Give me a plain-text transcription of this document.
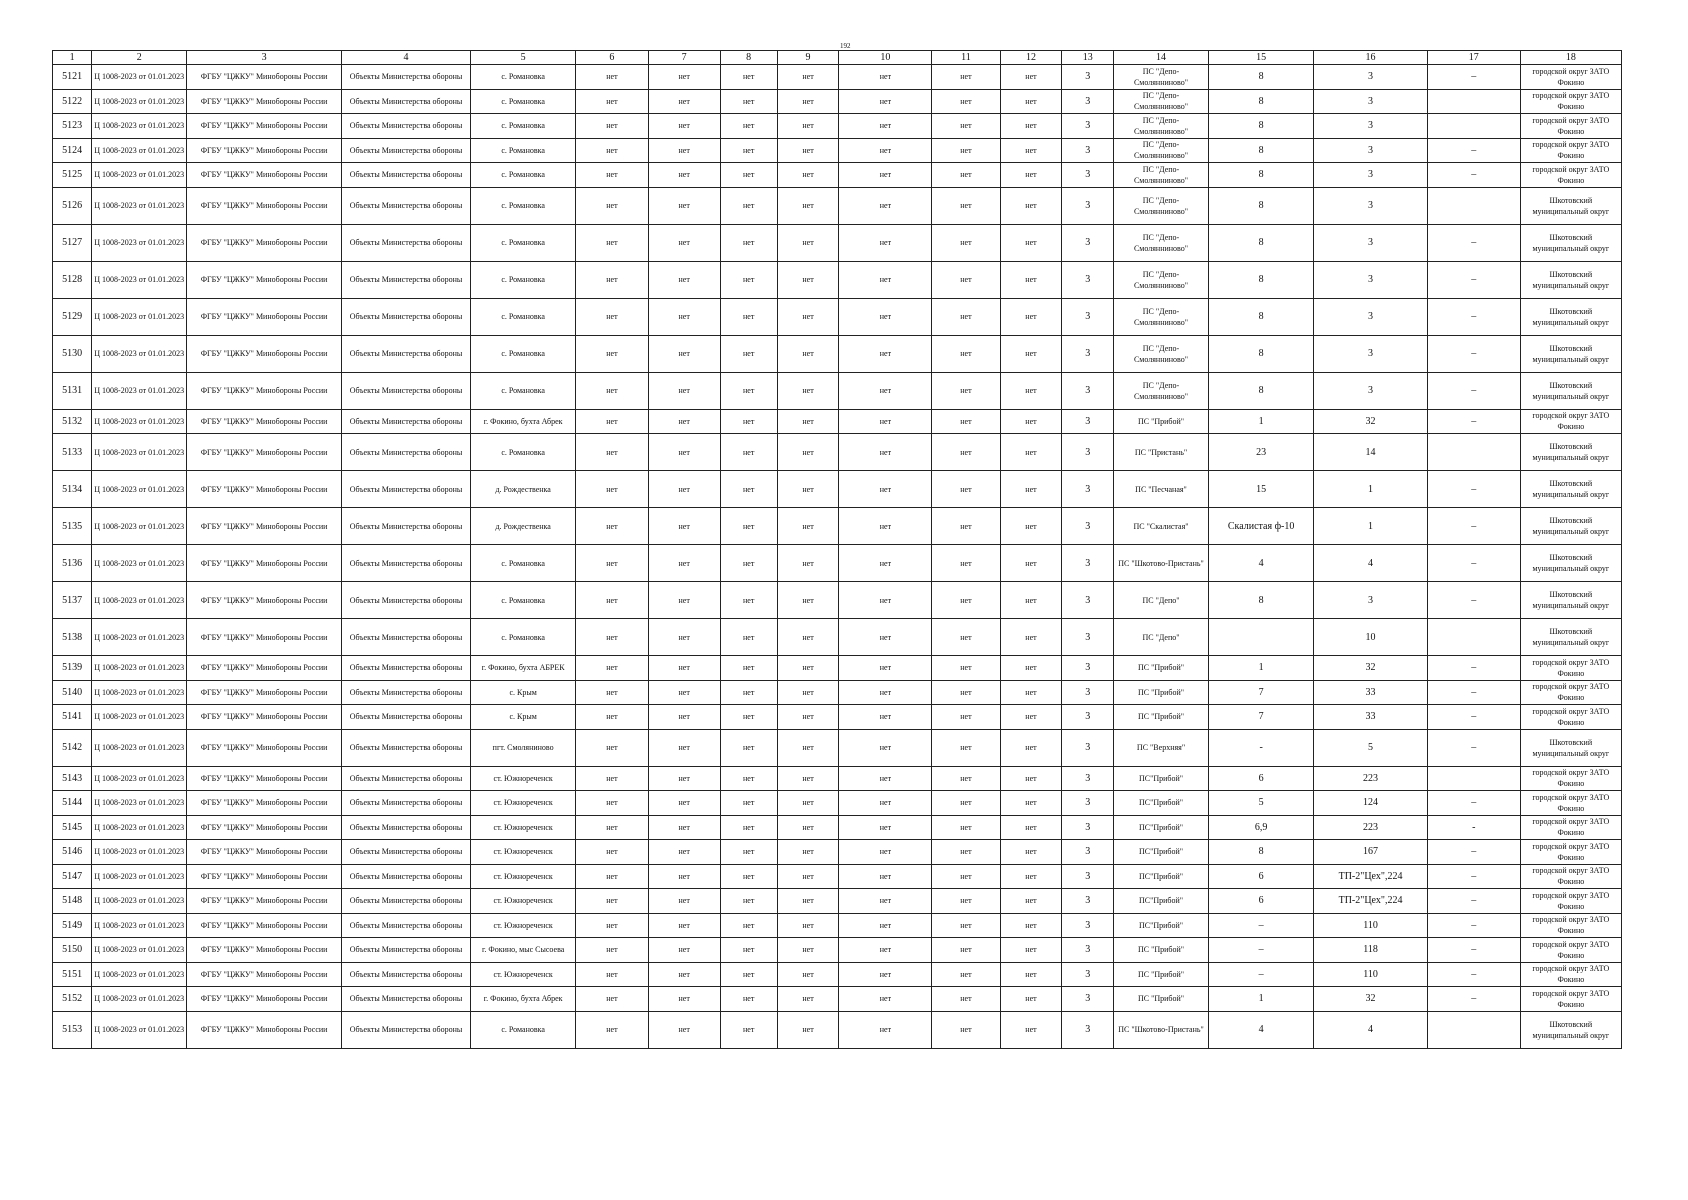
192
1	2	3	4	5	6	7	8	9	10	11	12	13	14	15	16	17	18
5121	Ц 1008-2023 от 01.01.2023	ФГБУ "ЦЖКУ" Минобороны России	Объекты Министерства обороны	с. Романовка	нет	нет	нет	нет	нет	нет	нет	3	ПС "Депо-Смолянниново"	8	3	–	городской округ ЗАТО Фокино
5122	Ц 1008-2023 от 01.01.2023	ФГБУ "ЦЖКУ" Минобороны России	Объекты Министерства обороны	с. Романовка	нет	нет	нет	нет	нет	нет	нет	3	ПС "Депо-Смолянниново"	8	3		городской округ ЗАТО Фокино
5123	Ц 1008-2023 от 01.01.2023	ФГБУ "ЦЖКУ" Минобороны России	Объекты Министерства обороны	с. Романовка	нет	нет	нет	нет	нет	нет	нет	3	ПС "Депо-Смолянниново"	8	3		городской округ ЗАТО Фокино
5124	Ц 1008-2023 от 01.01.2023	ФГБУ "ЦЖКУ" Минобороны России	Объекты Министерства обороны	с. Романовка	нет	нет	нет	нет	нет	нет	нет	3	ПС "Депо-Смолянниново"	8	3	–	городской округ ЗАТО Фокино
5125	Ц 1008-2023 от 01.01.2023	ФГБУ "ЦЖКУ" Минобороны России	Объекты Министерства обороны	с. Романовка	нет	нет	нет	нет	нет	нет	нет	3	ПС "Депо-Смолянниново"	8	3	–	городской округ ЗАТО Фокино
5126	Ц 1008-2023 от 01.01.2023	ФГБУ "ЦЖКУ" Минобороны России	Объекты Министерства обороны	с. Романовка	нет	нет	нет	нет	нет	нет	нет	3	ПС "Депо-Смолянниново"	8	3		Шкотовский муниципальный округ
5127	Ц 1008-2023 от 01.01.2023	ФГБУ "ЦЖКУ" Минобороны России	Объекты Министерства обороны	с. Романовка	нет	нет	нет	нет	нет	нет	нет	3	ПС "Депо-Смолянниново"	8	3	–	Шкотовский муниципальный округ
5128	Ц 1008-2023 от 01.01.2023	ФГБУ "ЦЖКУ" Минобороны России	Объекты Министерства обороны	с. Романовка	нет	нет	нет	нет	нет	нет	нет	3	ПС "Депо-Смолянниново"	8	3	–	Шкотовский муниципальный округ
5129	Ц 1008-2023 от 01.01.2023	ФГБУ "ЦЖКУ" Минобороны России	Объекты Министерства обороны	с. Романовка	нет	нет	нет	нет	нет	нет	нет	3	ПС "Депо-Смолянниново"	8	3	–	Шкотовский муниципальный округ
5130	Ц 1008-2023 от 01.01.2023	ФГБУ "ЦЖКУ" Минобороны России	Объекты Министерства обороны	с. Романовка	нет	нет	нет	нет	нет	нет	нет	3	ПС "Депо-Смолянниново"	8	3	–	Шкотовский муниципальный округ
5131	Ц 1008-2023 от 01.01.2023	ФГБУ "ЦЖКУ" Минобороны России	Объекты Министерства обороны	с. Романовка	нет	нет	нет	нет	нет	нет	нет	3	ПС "Депо-Смолянниново"	8	3	–	Шкотовский муниципальный округ
5132	Ц 1008-2023 от 01.01.2023	ФГБУ "ЦЖКУ" Минобороны России	Объекты Министерства обороны	г. Фокино, бухта Абрек	нет	нет	нет	нет	нет	нет	нет	3	ПС "Прибой"	1	32	–	городской округ ЗАТО Фокино
5133	Ц 1008-2023 от 01.01.2023	ФГБУ "ЦЖКУ" Минобороны России	Объекты Министерства обороны	с. Романовка	нет	нет	нет	нет	нет	нет	нет	3	ПС "Пристань"	23	14		Шкотовский муниципальный округ
5134	Ц 1008-2023 от 01.01.2023	ФГБУ "ЦЖКУ" Минобороны России	Объекты Министерства обороны	д. Рождественка	нет	нет	нет	нет	нет	нет	нет	3	ПС "Песчаная"	15	1	–	Шкотовский муниципальный округ
5135	Ц 1008-2023 от 01.01.2023	ФГБУ "ЦЖКУ" Минобороны России	Объекты Министерства обороны	д. Рождественка	нет	нет	нет	нет	нет	нет	нет	3	ПС "Скалистая"	Скалистая ф-10	1	–	Шкотовский муниципальный округ
5136	Ц 1008-2023 от 01.01.2023	ФГБУ "ЦЖКУ" Минобороны России	Объекты Министерства обороны	с. Романовка	нет	нет	нет	нет	нет	нет	нет	3	ПС "Шкотово-Пристань"	4	4	–	Шкотовский муниципальный округ
5137	Ц 1008-2023 от 01.01.2023	ФГБУ "ЦЖКУ" Минобороны России	Объекты Министерства обороны	с. Романовка	нет	нет	нет	нет	нет	нет	нет	3	ПС "Депо"	8	3	–	Шкотовский муниципальный округ
5138	Ц 1008-2023 от 01.01.2023	ФГБУ "ЦЖКУ" Минобороны России	Объекты Министерства обороны	с. Романовка	нет	нет	нет	нет	нет	нет	нет	3	ПС "Депо"		10		Шкотовский муниципальный округ
5139	Ц 1008-2023 от 01.01.2023	ФГБУ "ЦЖКУ" Минобороны России	Объекты Министерства обороны	г. Фокино, бухта АБРЕК	нет	нет	нет	нет	нет	нет	нет	3	ПС "Прибой"	1	32	–	городской округ ЗАТО Фокино
5140	Ц 1008-2023 от 01.01.2023	ФГБУ "ЦЖКУ" Минобороны России	Объекты Министерства обороны	с. Крым	нет	нет	нет	нет	нет	нет	нет	3	ПС "Прибой"	7	33	–	городской округ ЗАТО Фокино
5141	Ц 1008-2023 от 01.01.2023	ФГБУ "ЦЖКУ" Минобороны России	Объекты Министерства обороны	с. Крым	нет	нет	нет	нет	нет	нет	нет	3	ПС "Прибой"	7	33	–	городской округ ЗАТО Фокино
5142	Ц 1008-2023 от 01.01.2023	ФГБУ "ЦЖКУ" Минобороны России	Объекты Министерства обороны	пгт. Смоляниново	нет	нет	нет	нет	нет	нет	нет	3	ПС "Верхняя"	-	5	–	Шкотовский муниципальный округ
5143	Ц 1008-2023 от 01.01.2023	ФГБУ "ЦЖКУ" Минобороны России	Объекты Министерства обороны	ст. Южнореченск	нет	нет	нет	нет	нет	нет	нет	3	ПС"Прибой"	6	223		городской округ ЗАТО Фокино
5144	Ц 1008-2023 от 01.01.2023	ФГБУ "ЦЖКУ" Минобороны России	Объекты Министерства обороны	ст. Южнореченск	нет	нет	нет	нет	нет	нет	нет	3	ПС"Прибой"	5	124	–	городской округ ЗАТО Фокино
5145	Ц 1008-2023 от 01.01.2023	ФГБУ "ЦЖКУ" Минобороны России	Объекты Министерства обороны	ст. Южнореченск	нет	нет	нет	нет	нет	нет	нет	3	ПС"Прибой"	6,9	223	-	городской округ ЗАТО Фокино
5146	Ц 1008-2023 от 01.01.2023	ФГБУ "ЦЖКУ" Минобороны России	Объекты Министерства обороны	ст. Южнореченск	нет	нет	нет	нет	нет	нет	нет	3	ПС"Прибой"	8	167	–	городской округ ЗАТО Фокино
5147	Ц 1008-2023 от 01.01.2023	ФГБУ "ЦЖКУ" Минобороны России	Объекты Министерства обороны	ст. Южнореченск	нет	нет	нет	нет	нет	нет	нет	3	ПС"Прибой"	6	ТП-2"Цех",224	–	городской округ ЗАТО Фокино
5148	Ц 1008-2023 от 01.01.2023	ФГБУ "ЦЖКУ" Минобороны России	Объекты Министерства обороны	ст. Южнореченск	нет	нет	нет	нет	нет	нет	нет	3	ПС"Прибой"	6	ТП-2"Цех",224	–	городской округ ЗАТО Фокино
5149	Ц 1008-2023 от 01.01.2023	ФГБУ "ЦЖКУ" Минобороны России	Объекты Министерства обороны	ст. Южнореченск	нет	нет	нет	нет	нет	нет	нет	3	ПС"Прибой"	–	110	–	городской округ ЗАТО Фокино
5150	Ц 1008-2023 от 01.01.2023	ФГБУ "ЦЖКУ" Минобороны России	Объекты Министерства обороны	г. Фокино, мыс Сысоева	нет	нет	нет	нет	нет	нет	нет	3	ПС "Прибой"	–	118	–	городской округ ЗАТО Фокино
5151	Ц 1008-2023 от 01.01.2023	ФГБУ "ЦЖКУ" Минобороны России	Объекты Министерства обороны	ст. Южнореченск	нет	нет	нет	нет	нет	нет	нет	3	ПС "Прибой"	–	110	–	городской округ ЗАТО Фокино
5152	Ц 1008-2023 от 01.01.2023	ФГБУ "ЦЖКУ" Минобороны России	Объекты Министерства обороны	г. Фокино, бухта Абрек	нет	нет	нет	нет	нет	нет	нет	3	ПС "Прибой"	1	32	–	городской округ ЗАТО Фокино
5153	Ц 1008-2023 от 01.01.2023	ФГБУ "ЦЖКУ" Минобороны России	Объекты Министерства обороны	с. Романовка	нет	нет	нет	нет	нет	нет	нет	3	ПС "Шкотово-Пристань"	4	4		Шкотовский муниципальный округ
